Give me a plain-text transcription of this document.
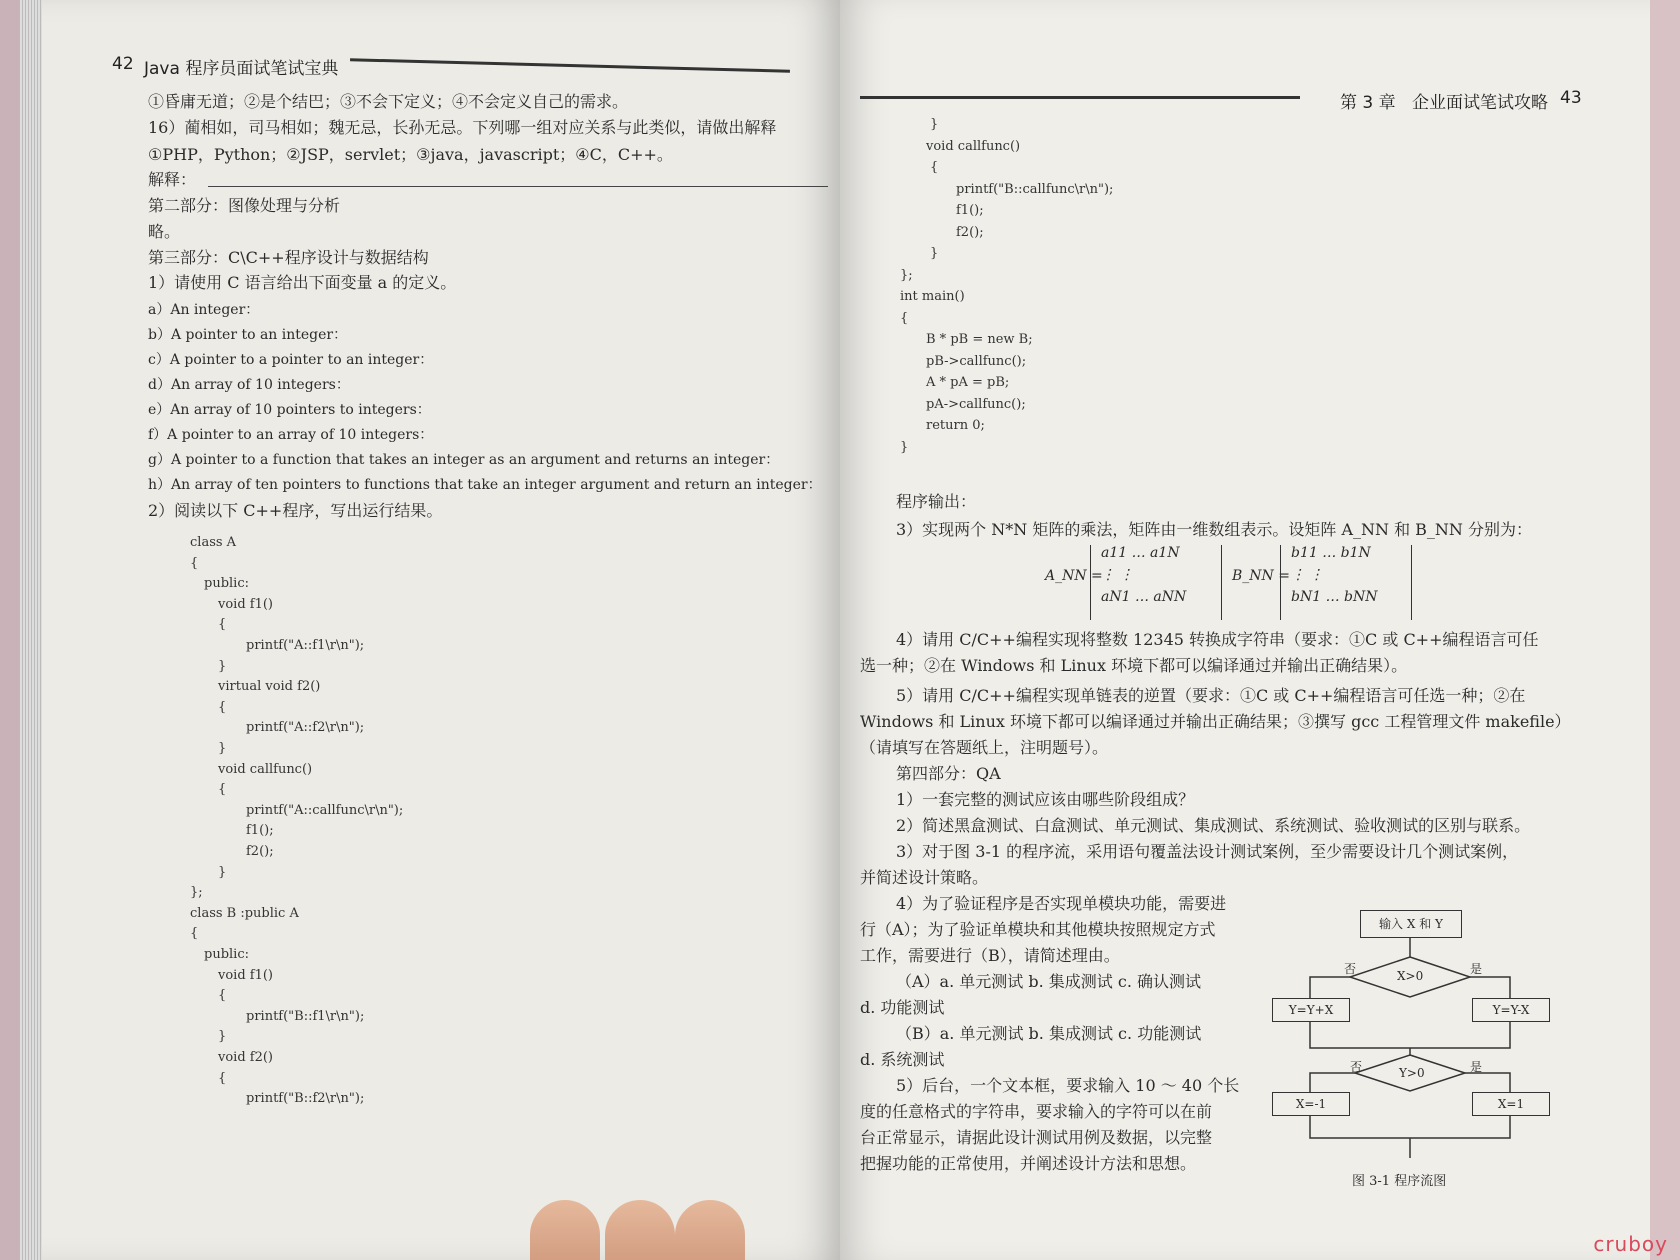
42 Java 程序员面试笔试宝典
①昏庸无道；②是个结巴；③不会下定义；④不会定义自己的需求。
16）蔺相如，司马相如；魏无忌，长孙无忌。下列哪一组对应关系与此类似，请做出解释
①PHP，Python；②JSP，servlet；③java，javascript；④C，C++。
解释：
第二部分：图像处理与分析
略。
第三部分：C\C++程序设计与数据结构
1）请使用 C 语言给出下面变量 a 的定义。
a）An integer：
b）A pointer to an integer：
c）A pointer to a pointer to an integer：
d）An array of 10 integers：
e）An array of 10 pointers to integers：
f）A pointer to an array of 10 integers：
g）A pointer to a function that takes an integer as an argument and returns an integer：
h）An array of ten pointers to functions that take an integer argument and return an integer：
2）阅读以下 C++程序，写出运行结果。
class A
{
public:
void f1()
{
printf("A::f1\r\n");
}
virtual void f2()
{
printf("A::f2\r\n");
}
void callfunc()
{
printf("A::callfunc\r\n");
f1();
f2();
}
};
class B :public A
{
public:
void f1()
{
printf("B::f1\r\n");
}
void f2()
{
printf("B::f2\r\n");
第 3 章 企业面试笔试攻略 43
}
void callfunc()
{
printf("B::callfunc\r\n");
f1();
f2();
}
};
int main()
{
B * pB = new B;
pB->callfunc();
A * pA = pB;
pA->callfunc();
return 0;
}
程序输出：
3）实现两个 N*N 矩阵的乘法，矩阵由一维数组表示。设矩阵 A_NN 和 B_NN 分别为：
A_NN =
a11 … a1N
⋮ ⋮
aN1 … aNN
B_NN =
b11 … b1N
⋮ ⋮
bN1 … bNN
4）请用 C/C++编程实现将整数 12345 转换成字符串（要求：①C 或 C++编程语言可任
选一种；②在 Windows 和 Linux 环境下都可以编译通过并输出正确结果）。
5）请用 C/C++编程实现单链表的逆置（要求：①C 或 C++编程语言可任选一种；②在
Windows 和 Linux 环境下都可以编译通过并输出正确结果；③撰写 gcc 工程管理文件 makefile）
（请填写在答题纸上，注明题号）。
第四部分：QA
1）一套完整的测试应该由哪些阶段组成？
2）简述黑盒测试、白盒测试、单元测试、集成测试、系统测试、验收测试的区别与联系。
3）对于图 3-1 的程序流，采用语句覆盖法设计测试案例，至少需要设计几个测试案例，
并简述设计策略。
4）为了验证程序是否实现单模块功能，需要进
行（A）；为了验证单模块和其他模块按照规定方式
工作，需要进行（B），请简述理由。
（A）a. 单元测试 b. 集成测试 c. 确认测试
d. 功能测试
（B）a. 单元测试 b. 集成测试 c. 功能测试
d. 系统测试
5）后台，一个文本框，要求输入 10 ～ 40 个长
度的任意格式的字符串，要求输入的字符可以在前
台正常显示，请据此设计测试用例及数据，以完整
把握功能的正常使用，并阐述设计方法和思想。
输入 X 和 Y
X>0
否	是
Y=Y+X	Y=Y-X
Y>0
否	是
X=-1	X=1
图 3-1 程序流图
cruboy
